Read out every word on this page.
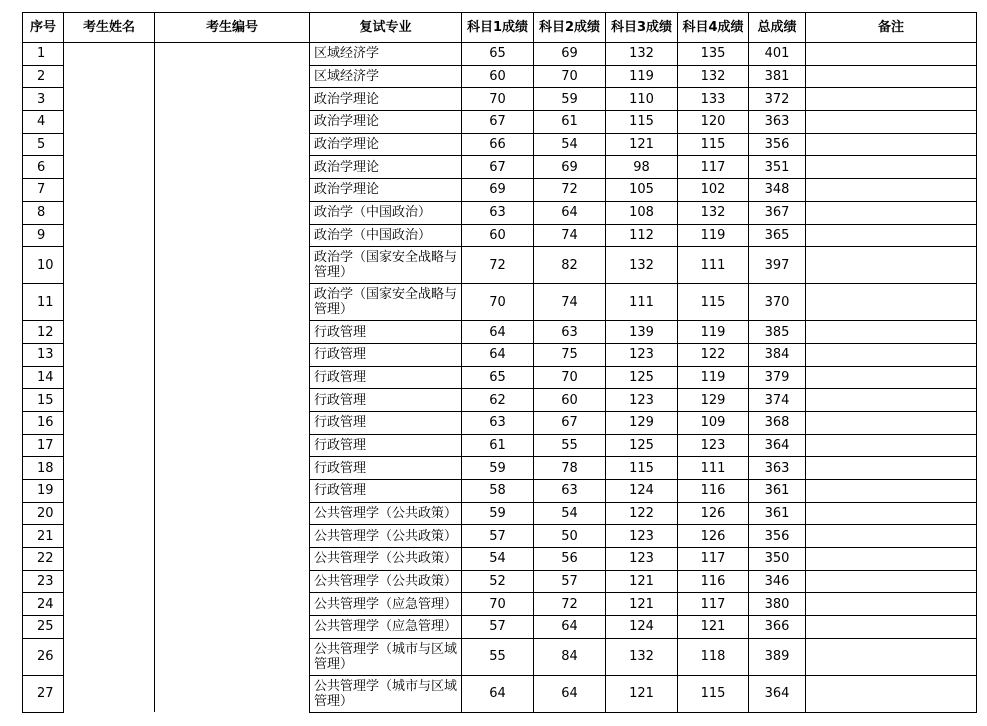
序号	考生姓名	考生编号	复试专业	科目1成绩	科目2成绩	科目3成绩	科目4成绩	总成绩	备注
1			区域经济学	65	69	132	135	401	
2			区域经济学	60	70	119	132	381	
3			政治学理论	70	59	110	133	372	
4			政治学理论	67	61	115	120	363	
5			政治学理论	66	54	121	115	356	
6			政治学理论	67	69	98	117	351	
7			政治学理论	69	72	105	102	348	
8			政治学（中国政治）	63	64	108	132	367	
9			政治学（中国政治）	60	74	112	119	365	
10			政治学（国家安全战略与管理）	72	82	132	111	397	
11			政治学（国家安全战略与管理）	70	74	111	115	370	
12			行政管理	64	63	139	119	385	
13			行政管理	64	75	123	122	384	
14			行政管理	65	70	125	119	379	
15			行政管理	62	60	123	129	374	
16			行政管理	63	67	129	109	368	
17			行政管理	61	55	125	123	364	
18			行政管理	59	78	115	111	363	
19			行政管理	58	63	124	116	361	
20			公共管理学（公共政策）	59	54	122	126	361	
21			公共管理学（公共政策）	57	50	123	126	356	
22			公共管理学（公共政策）	54	56	123	117	350	
23			公共管理学（公共政策）	52	57	121	116	346	
24			公共管理学（应急管理）	70	72	121	117	380	
25			公共管理学（应急管理）	57	64	124	121	366	
26			公共管理学（城市与区域管理）	55	84	132	118	389	
27			公共管理学（城市与区域管理）	64	64	121	115	364	
